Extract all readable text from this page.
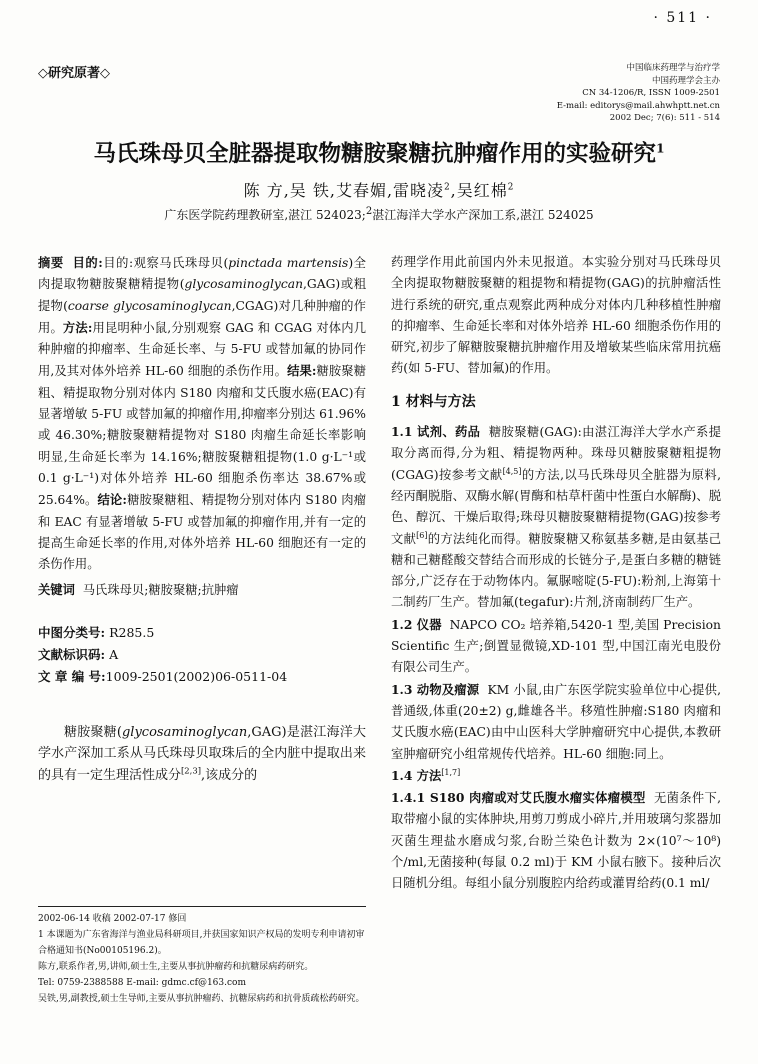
· 511 ·
◇研究原著◇	中国临床药理学与治疗学
中国药理学会主办
CN 34-1206/R, ISSN 1009-2501
E-mail: editorys@mail.ahwhptt.net.cn
2002 Dec; 7(6): 511 - 514
马氏珠母贝全脏器提取物糖胺聚糖抗肿瘤作用的实验研究$^1$
陈 方,吴 铁,艾春媚,雷晓凌$^2$,吴红棉$^2$
广东医学院药理教研室,湛江 524023;$^2$湛江海洋大学水产深加工系,湛江 524025
摘要 目的:目的:观察马氏珠母贝(pinctada martensis)全肉提取物糖胺聚糖精提物(glycosaminoglycan,GAG)或粗提物(coarse glycosaminoglycan,CGAG)对几种肿瘤的作用。方法:用昆明种小鼠,分别观察 GAG 和 CGAG 对体内几种肿瘤的抑瘤率、生命延长率、与 5-FU 或替加氟的协同作用,及其对体外培养 HL-60 细胞的杀伤作用。结果:糖胺聚糖粗、精提取物分别对体内 S180 肉瘤和艾氏腹水癌(EAC)有显著增敏 5-FU 或替加氟的抑瘤作用,抑瘤率分别达 61.96%或 46.30%;糖胺聚糖精提物对 S180 肉瘤生命延长率影响明显,生命延长率为 14.16%;糖胺聚糖粗提物(1.0 g·L⁻¹或 0.1 g·L⁻¹)对体外培养 HL-60 细胞杀伤率达 38.67%或 25.64%。结论:糖胺聚糖粗、精提物分别对体内 S180 肉瘤和 EAC 有显著增敏 5-FU 或替加氟的抑瘤作用,并有一定的提高生命延长率的作用,对体外培养 HL-60 细胞还有一定的杀伤作用。
关键词 马氏珠母贝;糖胺聚糖;抗肿瘤
中图分类号: R285.5
文献标识码: A
文 章 编 号:1009-2501(2002)06-0511-04
糖胺聚糖(glycosaminoglycan,GAG)是湛江海洋大学水产深加工系从马氏珠母贝取珠后的全内脏中提取出来的具有一定生理活性成分[2,3],该成分的
2002-06-14 收稿 2002-07-17 修回
1 本课题为广东省海洋与渔业局科研项目,并获国家知识产权局的发明专利申请初审合格通知书(No00105196.2)。
陈方,联系作者,男,讲师,硕士生,主要从事抗肿瘤药和抗糖尿病药研究。
Tel: 0759-2388588 E-mail: gdmc.cf@163.com
吴铁,男,副教授,硕士生导师,主要从事抗肿瘤药、抗糖尿病药和抗骨质疏松药研究。
药理学作用此前国内外未见报道。本实验分别对马氏珠母贝全肉提取物糖胺聚糖的粗提物和精提物(GAG)的抗肿瘤活性进行系统的研究,重点观察此两种成分对体内几种移植性肿瘤的抑瘤率、生命延长率和对体外培养 HL-60 细胞杀伤作用的研究,初步了解糖胺聚糖抗肿瘤作用及增敏某些临床常用抗癌药(如 5-FU、替加氟)的作用。
1 材料与方法
1.1 试剂、药品 糖胺聚糖(GAG):由湛江海洋大学水产系提取分离而得,分为粗、精提物两种。珠母贝糖胺聚糖粗提物(CGAG)按参考文献[4,5]的方法,以马氏珠母贝全脏器为原料,经丙酮脱脂、双酶水解(胃酶和枯草杆菌中性蛋白水解酶)、脱色、醇沉、干燥后取得;珠母贝糖胺聚糖精提物(GAG)按参考文献[6]的方法纯化而得。糖胺聚糖又称氨基多糖,是由氨基己糖和己糖醛酸交替结合而形成的长链分子,是蛋白多糖的糖链部分,广泛存在于动物体内。氟脲嘧啶(5-FU):粉剂,上海第十二制药厂生产。替加氟(tegafur):片剂,济南制药厂生产。
1.2 仪器 NAPCO CO₂ 培养箱,5420-1 型,美国 Precision Scientific 生产;倒置显微镜,XD-101 型,中国江南光电股份有限公司生产。
1.3 动物及瘤源 KM 小鼠,由广东医学院实验单位中心提供,普通级,体重(20±2) g,雌雄各半。移殖性肿瘤:S180 肉瘤和艾氏腹水癌(EAC)由中山医科大学肿瘤研究中心提供,本教研室肿瘤研究小组常规传代培养。HL-60 细胞:同上。
1.4 方法[1,7]
1.4.1 S180 肉瘤或对艾氏腹水瘤实体瘤模型 无菌条件下,取带瘤小鼠的实体肿块,用剪刀剪成小碎片,并用玻璃匀浆器加灭菌生理盐水磨成匀浆,台盼兰染色计数为 2×(10⁷～10⁸)个/ml,无菌接种(每鼠 0.2 ml)于 KM 小鼠右腋下。接种后次日随机分组。每组小鼠分别腹腔内给药或灌胃给药(0.1 ml/
